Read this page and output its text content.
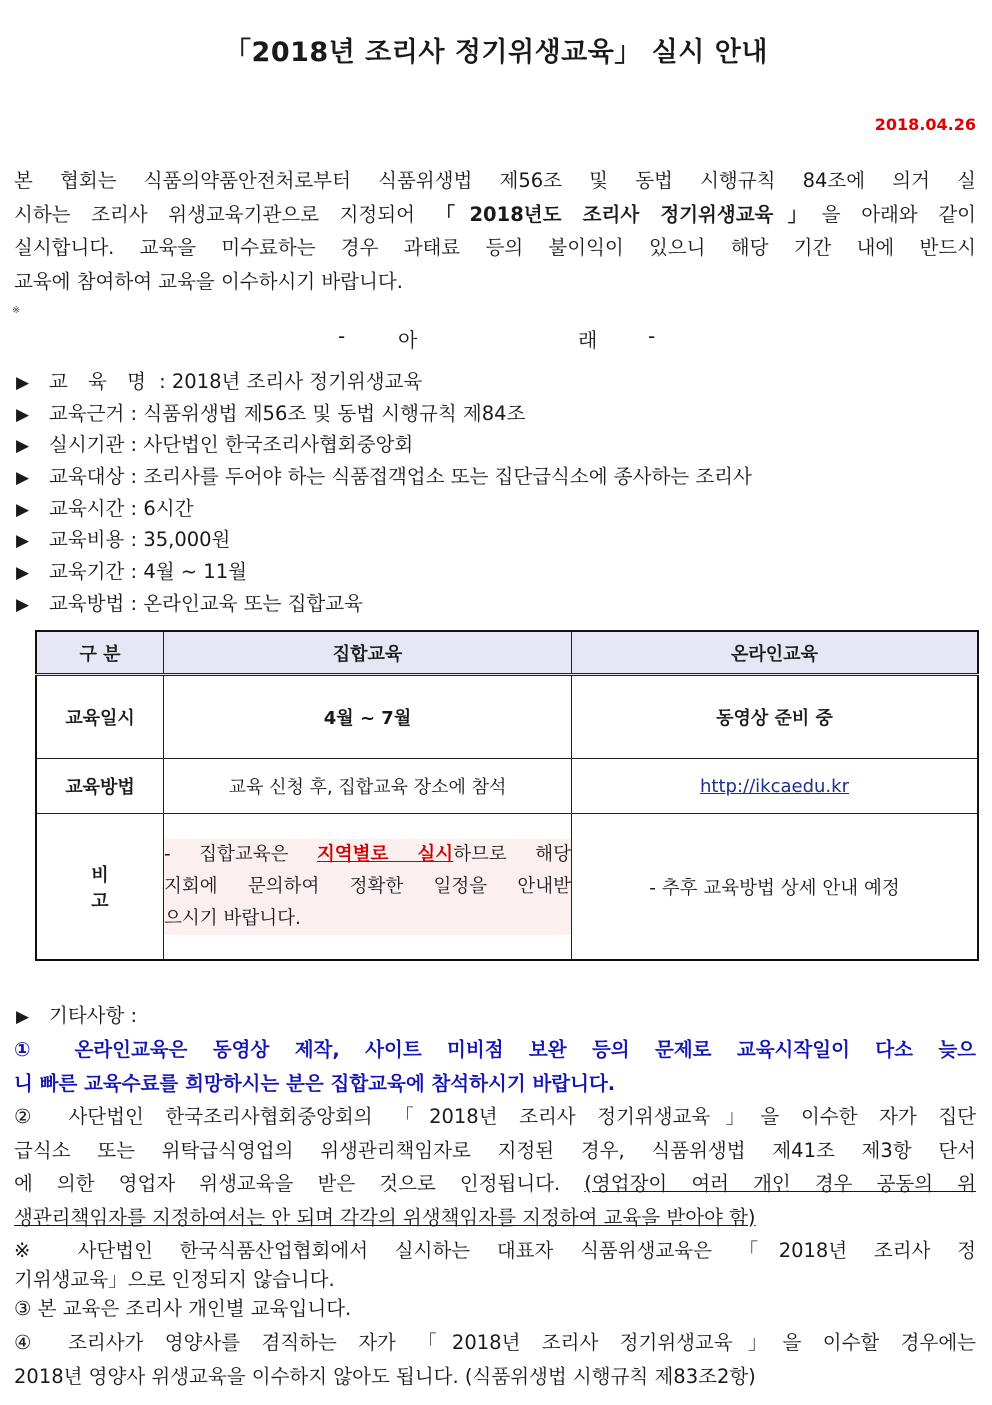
「2018년 조리사 정기위생교육」 실시 안내
2018.04.26
본 협회는 식품의약품안전처로부터 식품위생법 제56조 및 동법 시행규칙 84조에 의거 실
시하는 조리사 위생교육기관으로 지정되어 「2018년도 조리사 정기위생교육」을 아래와 같이
실시합니다. 교육을 미수료하는 경우 과태료 등의 불이익이 있으니 해당 기간 내에 반드시
교육에 참여하여 교육을 이수하시기 바랍니다.
※
-	아	래	-
▶ 교 육 명 : 2018년 조리사 정기위생교육
▶ 교육근거 : 식품위생법 제56조 및 동법 시행규칙 제84조
▶ 실시기관 : 사단법인 한국조리사협회중앙회
▶ 교육대상 : 조리사를 두어야 하는 식품접객업소 또는 집단급식소에 종사하는 조리사
▶ 교육시간 : 6시간
▶ 교육비용 : 35,000원
▶ 교육기간 : 4월 ~ 11월
▶ 교육방법 : 온라인교육 또는 집합교육
구 분	집합교육	온라인교육
교육일시	4월 ~ 7월	동영상 준비 중
교육방법	교육 신청 후, 집합교육 장소에 참석	http://ikcaedu.kr
비 고	- 집합교육은 지역별로 실시하므로 해당
지회에 문의하여 정확한 일정을 안내받
으시기 바랍니다.	- 추후 교육방법 상세 안내 예정
▶ 기타사항 :
① 온라인교육은 동영상 제작, 사이트 미비점 보완 등의 문제로 교육시작일이 다소 늦으
니 빠른 교육수료를 희망하시는 분은 집합교육에 참석하시기 바랍니다.
② 사단법인 한국조리사협회중앙회의 「2018년 조리사 정기위생교육」을 이수한 자가 집단
급식소 또는 위탁급식영업의 위생관리책임자로 지정된 경우, 식품위생법 제41조 제3항 단서
에 의한 영업자 위생교육을 받은 것으로 인정됩니다. (영업장이 여러 개인 경우 공동의 위
생관리책임자를 지정하여서는 안 되며 각각의 위생책임자를 지정하여 교육을 받아야 함)
※ 사단법인 한국식품산업협회에서 실시하는 대표자 식품위생교육은 「2018년 조리사 정
기위생교육」으로 인정되지 않습니다.
③ 본 교육은 조리사 개인별 교육입니다.
④ 조리사가 영양사를 겸직하는 자가 「2018년 조리사 정기위생교육」을 이수할 경우에는
2018년 영양사 위생교육을 이수하지 않아도 됩니다. (식품위생법 시행규칙 제83조2항)
